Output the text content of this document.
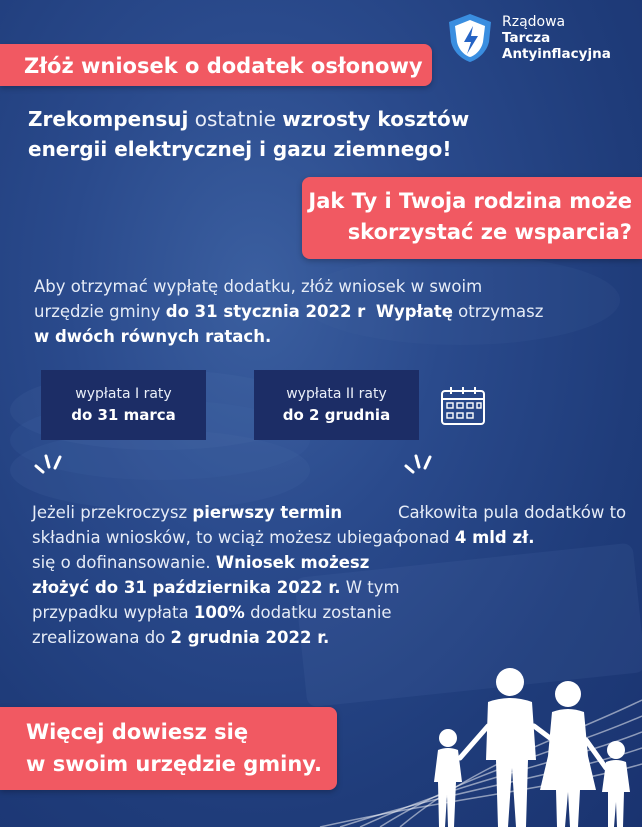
Rządowa
Tarcza
Antyinflacyjna
Złóż wniosek o dodatek osłonowy
Zrekompensuj ostatnie wzrosty kosztów energii elektrycznej i gazu ziemnego!
Jak Ty i Twoja rodzina może
skorzystać ze wsparcia?
Aby otrzymać wypłatę dodatku, złóż wniosek w swoim urzędzie gminy do 31 stycznia 2022 r Wypłatę otrzymasz w dwóch równych ratach.
wypłata I raty
do 31 marca
wypłata II raty
do 2 grudnia
Jeżeli przekroczysz pierwszy termin składnia wniosków, to wciąż możesz ubiegać się o dofinansowanie. Wniosek możesz złożyć do 31 października 2022 r. W tym przypadku wypłata 100% dodatku zostanie zrealizowana do 2 grudnia 2022 r.
Całkowita pula dodatków to ponad 4 mld zł.
Więcej dowiesz się
w swoim urzędzie gminy.
